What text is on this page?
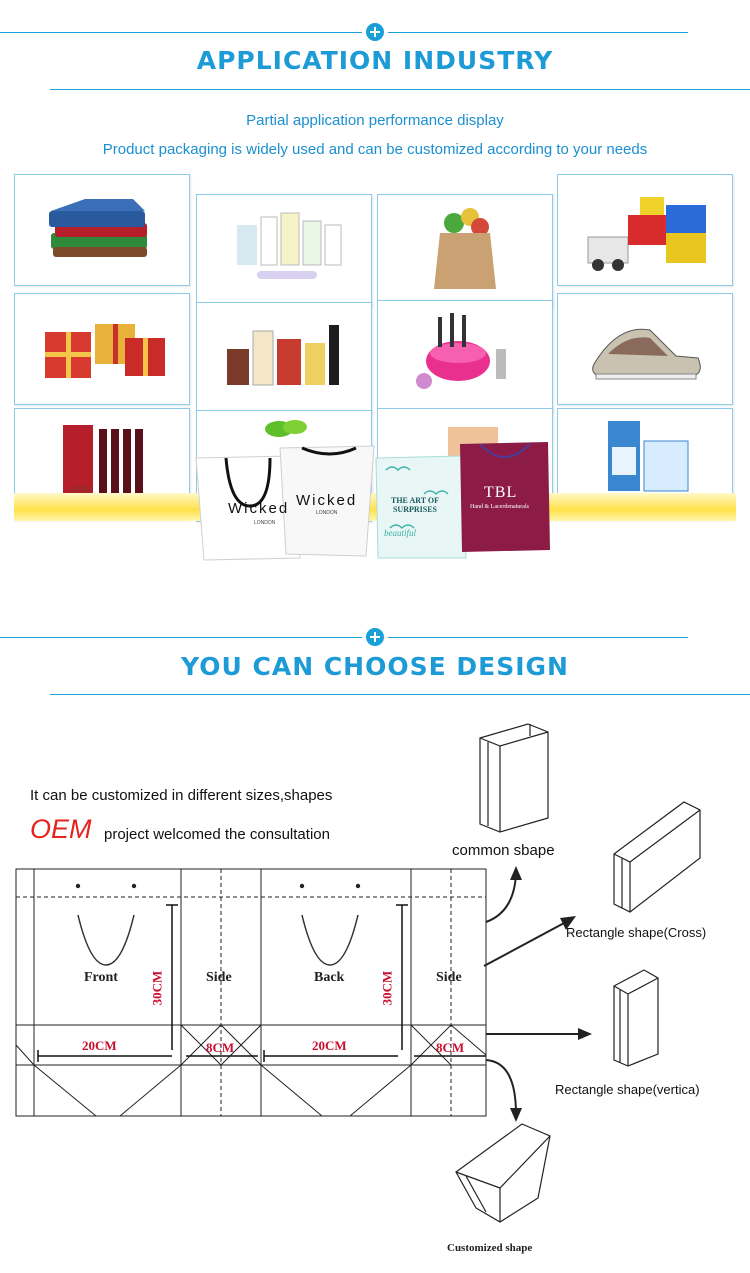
APPLICATION INDUSTRY
Partial application performance display
Product packaging is widely used and can be customized according to your needs
Wicked
LONDON
Wicked
LONDON
THE ART OF SURPRISES
beautiful
TBL
Hand & Lacerdenaturals
YOU CAN CHOOSE DESIGN
It can be customized in different sizes,shapes
OEM project welcomed the consultation
Front	Side	Back	Side
30CM	30CM
20CM	20CM
8CM	8CM
common sbape
Rectangle shape(Cross)
Rectangle shape(vertica)
Customized shape
